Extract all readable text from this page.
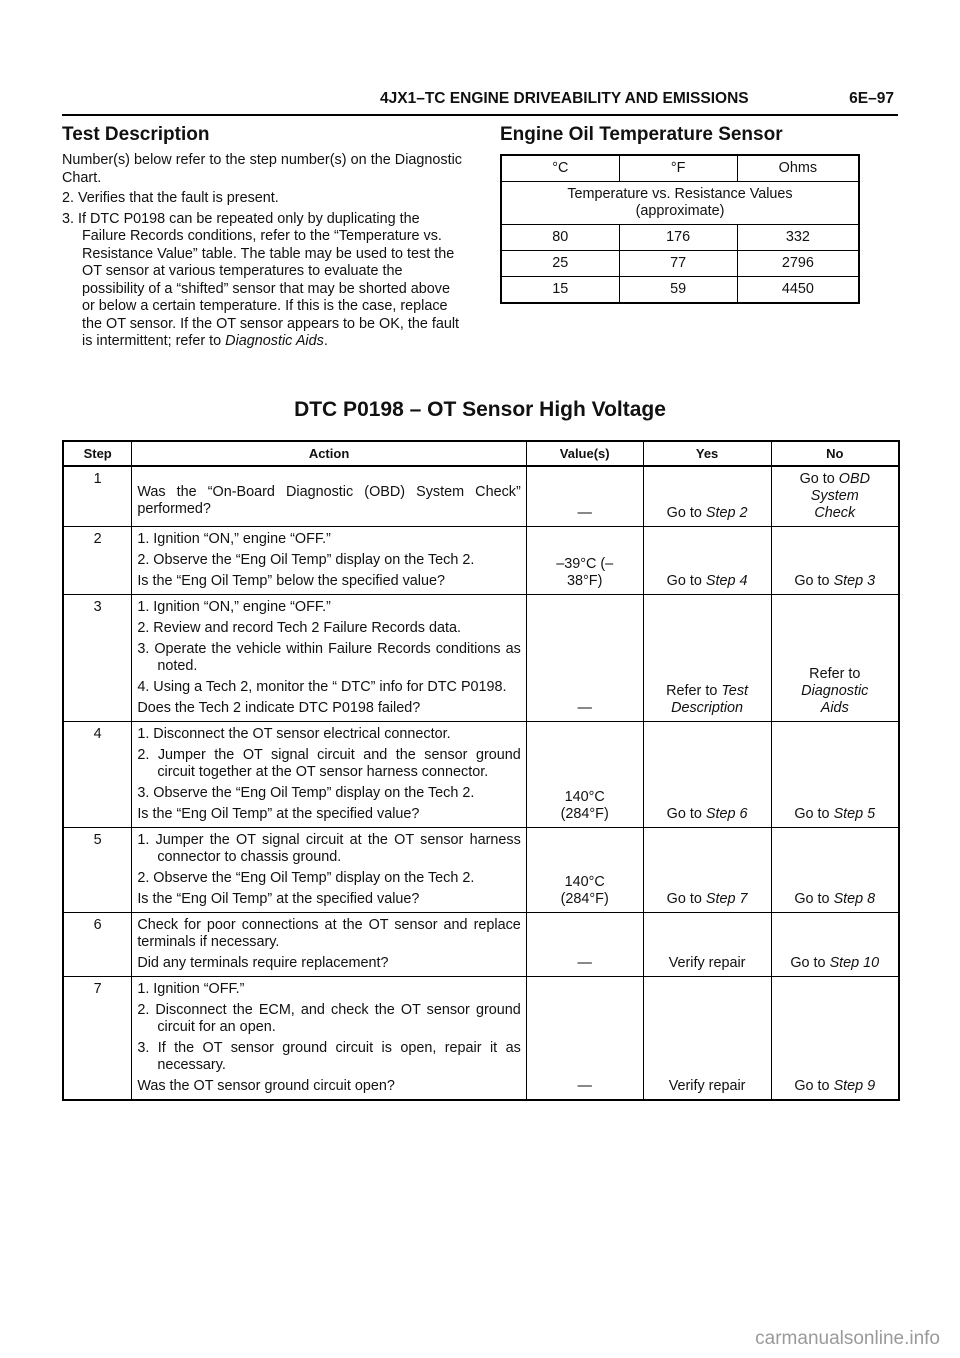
4JX1–TC ENGINE DRIVEABILITY AND EMISSIONS	6E–97
Test Description

Number(s) below refer to the step number(s) on the Diagnostic Chart.

2. Verifies that the fault is present.

3. If DTC P0198 can be repeated only by duplicating the Failure Records conditions, refer to the “Temperature vs. Resistance Value” table. The table may be used to test the OT sensor at various temperatures to evaluate the possibility of a “shifted” sensor that may be shorted above or below a certain temperature. If this is the case, replace the OT sensor. If the OT sensor appears to be OK, the fault is intermittent; refer to Diagnostic Aids.

Engine Oil Temperature Sensor
°C	°F	Ohms
Temperature vs. Resistance Values (approximate)		
80	176	332
25	77	2796
15	59	4450
DTC P0198 – OT Sensor High Voltage
Step	Action	Value(s)	Yes	No
1	Was the “On-Board Diagnostic (OBD) System Check” performed?	—	Go to Step 2	Go to OBD System Check
2	1. Ignition “ON,” engine “OFF.”
2. Observe the “Eng Oil Temp” display on the Tech 2.
Is the “Eng Oil Temp” below the specified value?	–39°C (–38°F)	Go to Step 4	Go to Step 3
3	1. Ignition “ON,” engine “OFF.”
2. Review and record Tech 2 Failure Records data.
3. Operate the vehicle within Failure Records conditions as noted.
4. Using a Tech 2, monitor the “ DTC” info for DTC P0198.
Does the Tech 2 indicate DTC P0198 failed?	—	Refer to Test Description	Refer to Diagnostic Aids
4	1. Disconnect the OT sensor electrical connector.
2. Jumper the OT signal circuit and the sensor ground circuit together at the OT sensor harness connector.
3. Observe the “Eng Oil Temp” display on the Tech 2.
Is the “Eng Oil Temp” at the specified value?	140°C (284°F)	Go to Step 6	Go to Step 5
5	1. Jumper the OT signal circuit at the OT sensor harness connector to chassis ground.
2. Observe the “Eng Oil Temp” display on the Tech 2.
Is the “Eng Oil Temp” at the specified value?	140°C (284°F)	Go to Step 7	Go to Step 8
6	Check for poor connections at the OT sensor and replace terminals if necessary.
Did any terminals require replacement?	—	Verify repair	Go to Step 10
7	1. Ignition “OFF.”
2. Disconnect the ECM, and check the OT sensor ground circuit for an open.
3. If the OT sensor ground circuit is open, repair it as necessary.
Was the OT sensor ground circuit open?	—	Verify repair	Go to Step 9
carmanualsonline.info
